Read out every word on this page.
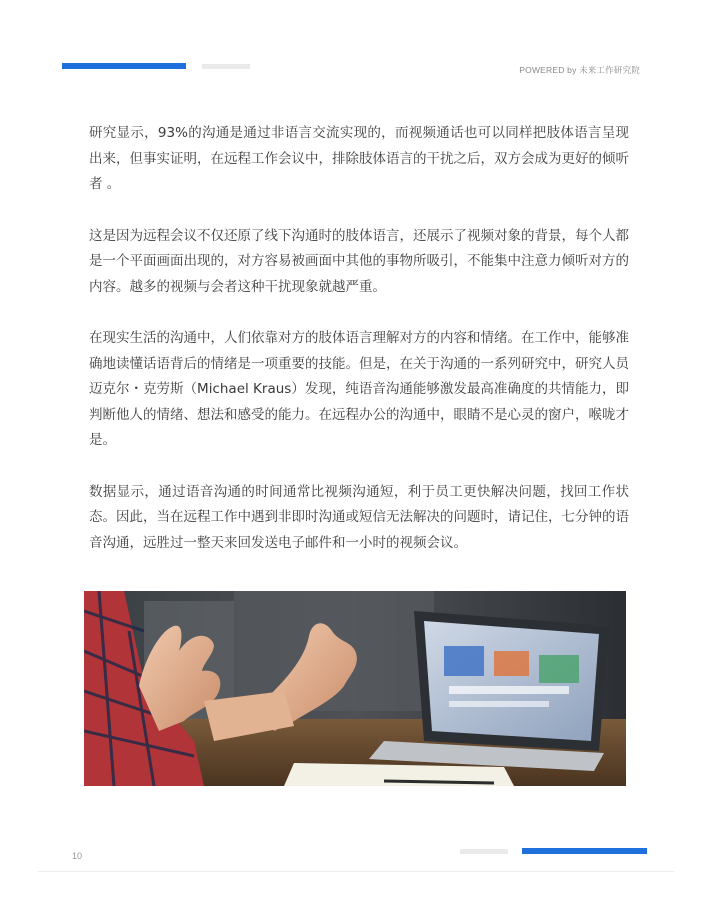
POWERED by 未来工作研究院

研究显示，93%的沟通是通过非语言交流实现的，而视频通话也可以同样把肢体语言呈现出来，但事实证明，在远程工作会议中，排除肢体语言的干扰之后，双方会成为更好的倾听者 。

这是因为远程会议不仅还原了线下沟通时的肢体语言，还展示了视频对象的背景，每个人都是一个平面画面出现的，对方容易被画面中其他的事物所吸引，不能集中注意力倾听对方的内容。越多的视频与会者这种干扰现象就越严重。

在现实生活的沟通中，人们依靠对方的肢体语言理解对方的内容和情绪。在工作中，能够准确地读懂话语背后的情绪是一项重要的技能。但是，在关于沟通的一系列研究中，研究人员迈克尔・克劳斯（Michael Kraus）发现，纯语音沟通能够激发最高准确度的共情能力，即判断他人的情绪、想法和感受的能力。在远程办公的沟通中，眼睛不是心灵的窗户，喉咙才是。

数据显示，通过语音沟通的时间通常比视频沟通短，利于员工更快解决问题，找回工作状态。因此，当在远程工作中遇到非即时沟通或短信无法解决的问题时，请记住，七分钟的语音沟通，远胜过一整天来回发送电子邮件和一小时的视频会议。

10
